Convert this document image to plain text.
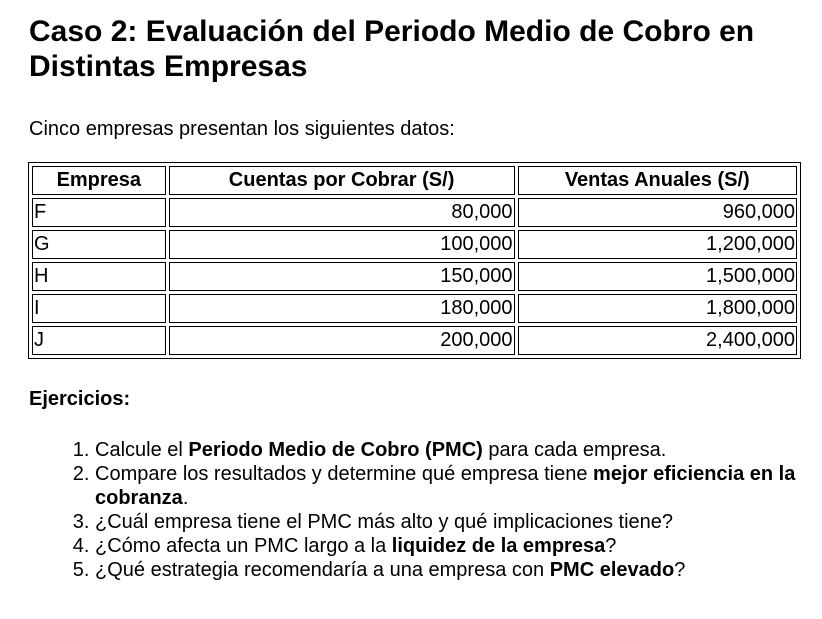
Caso 2: Evaluación del Periodo Medio de Cobro en Distintas Empresas

Cinco empresas presentan los siguientes datos:

Empresa	Cuentas por Cobrar (S/)	Ventas Anuales (S/)
F	80,000	960,000
G	100,000	1,200,000
H	150,000	1,500,000
I	180,000	1,800,000
J	200,000	2,400,000
Ejercicios:
1. Calcule el Periodo Medio de Cobro (PMC) para cada empresa.
2. Compare los resultados y determine qué empresa tiene mejor eficiencia en la cobranza.
3. ¿Cuál empresa tiene el PMC más alto y qué implicaciones tiene?
4. ¿Cómo afecta un PMC largo a la liquidez de la empresa?
5. ¿Qué estrategia recomendaría a una empresa con PMC elevado?
